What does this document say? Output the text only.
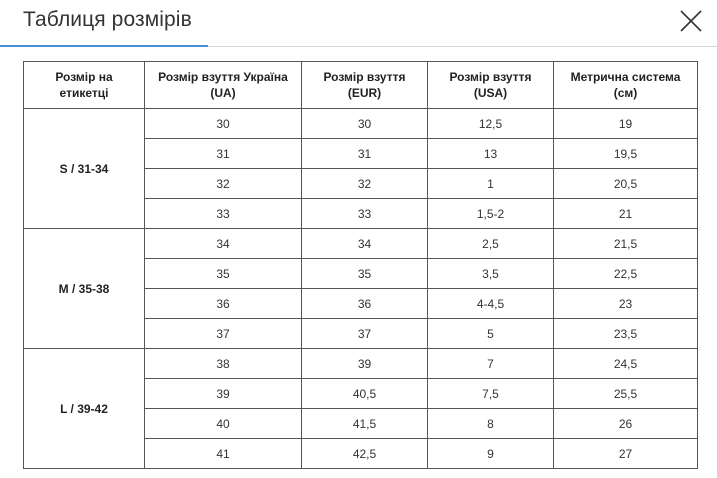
Таблиця розмірів
Розмір на етикетці	Розмір взуття Україна (UA)	Розмір взуття (EUR)	Розмір взуття (USA)	Метрична система (см)
S / 31-34	30	30	12,5	19
	31	31	13	19,5
	32	32	1	20,5
	33	33	1,5-2	21
M / 35-38	34	34	2,5	21,5
	35	35	3,5	22,5
	36	36	4-4,5	23
	37	37	5	23,5
L / 39-42	38	39	7	24,5
	39	40,5	7,5	25,5
	40	41,5	8	26
	41	42,5	9	27
